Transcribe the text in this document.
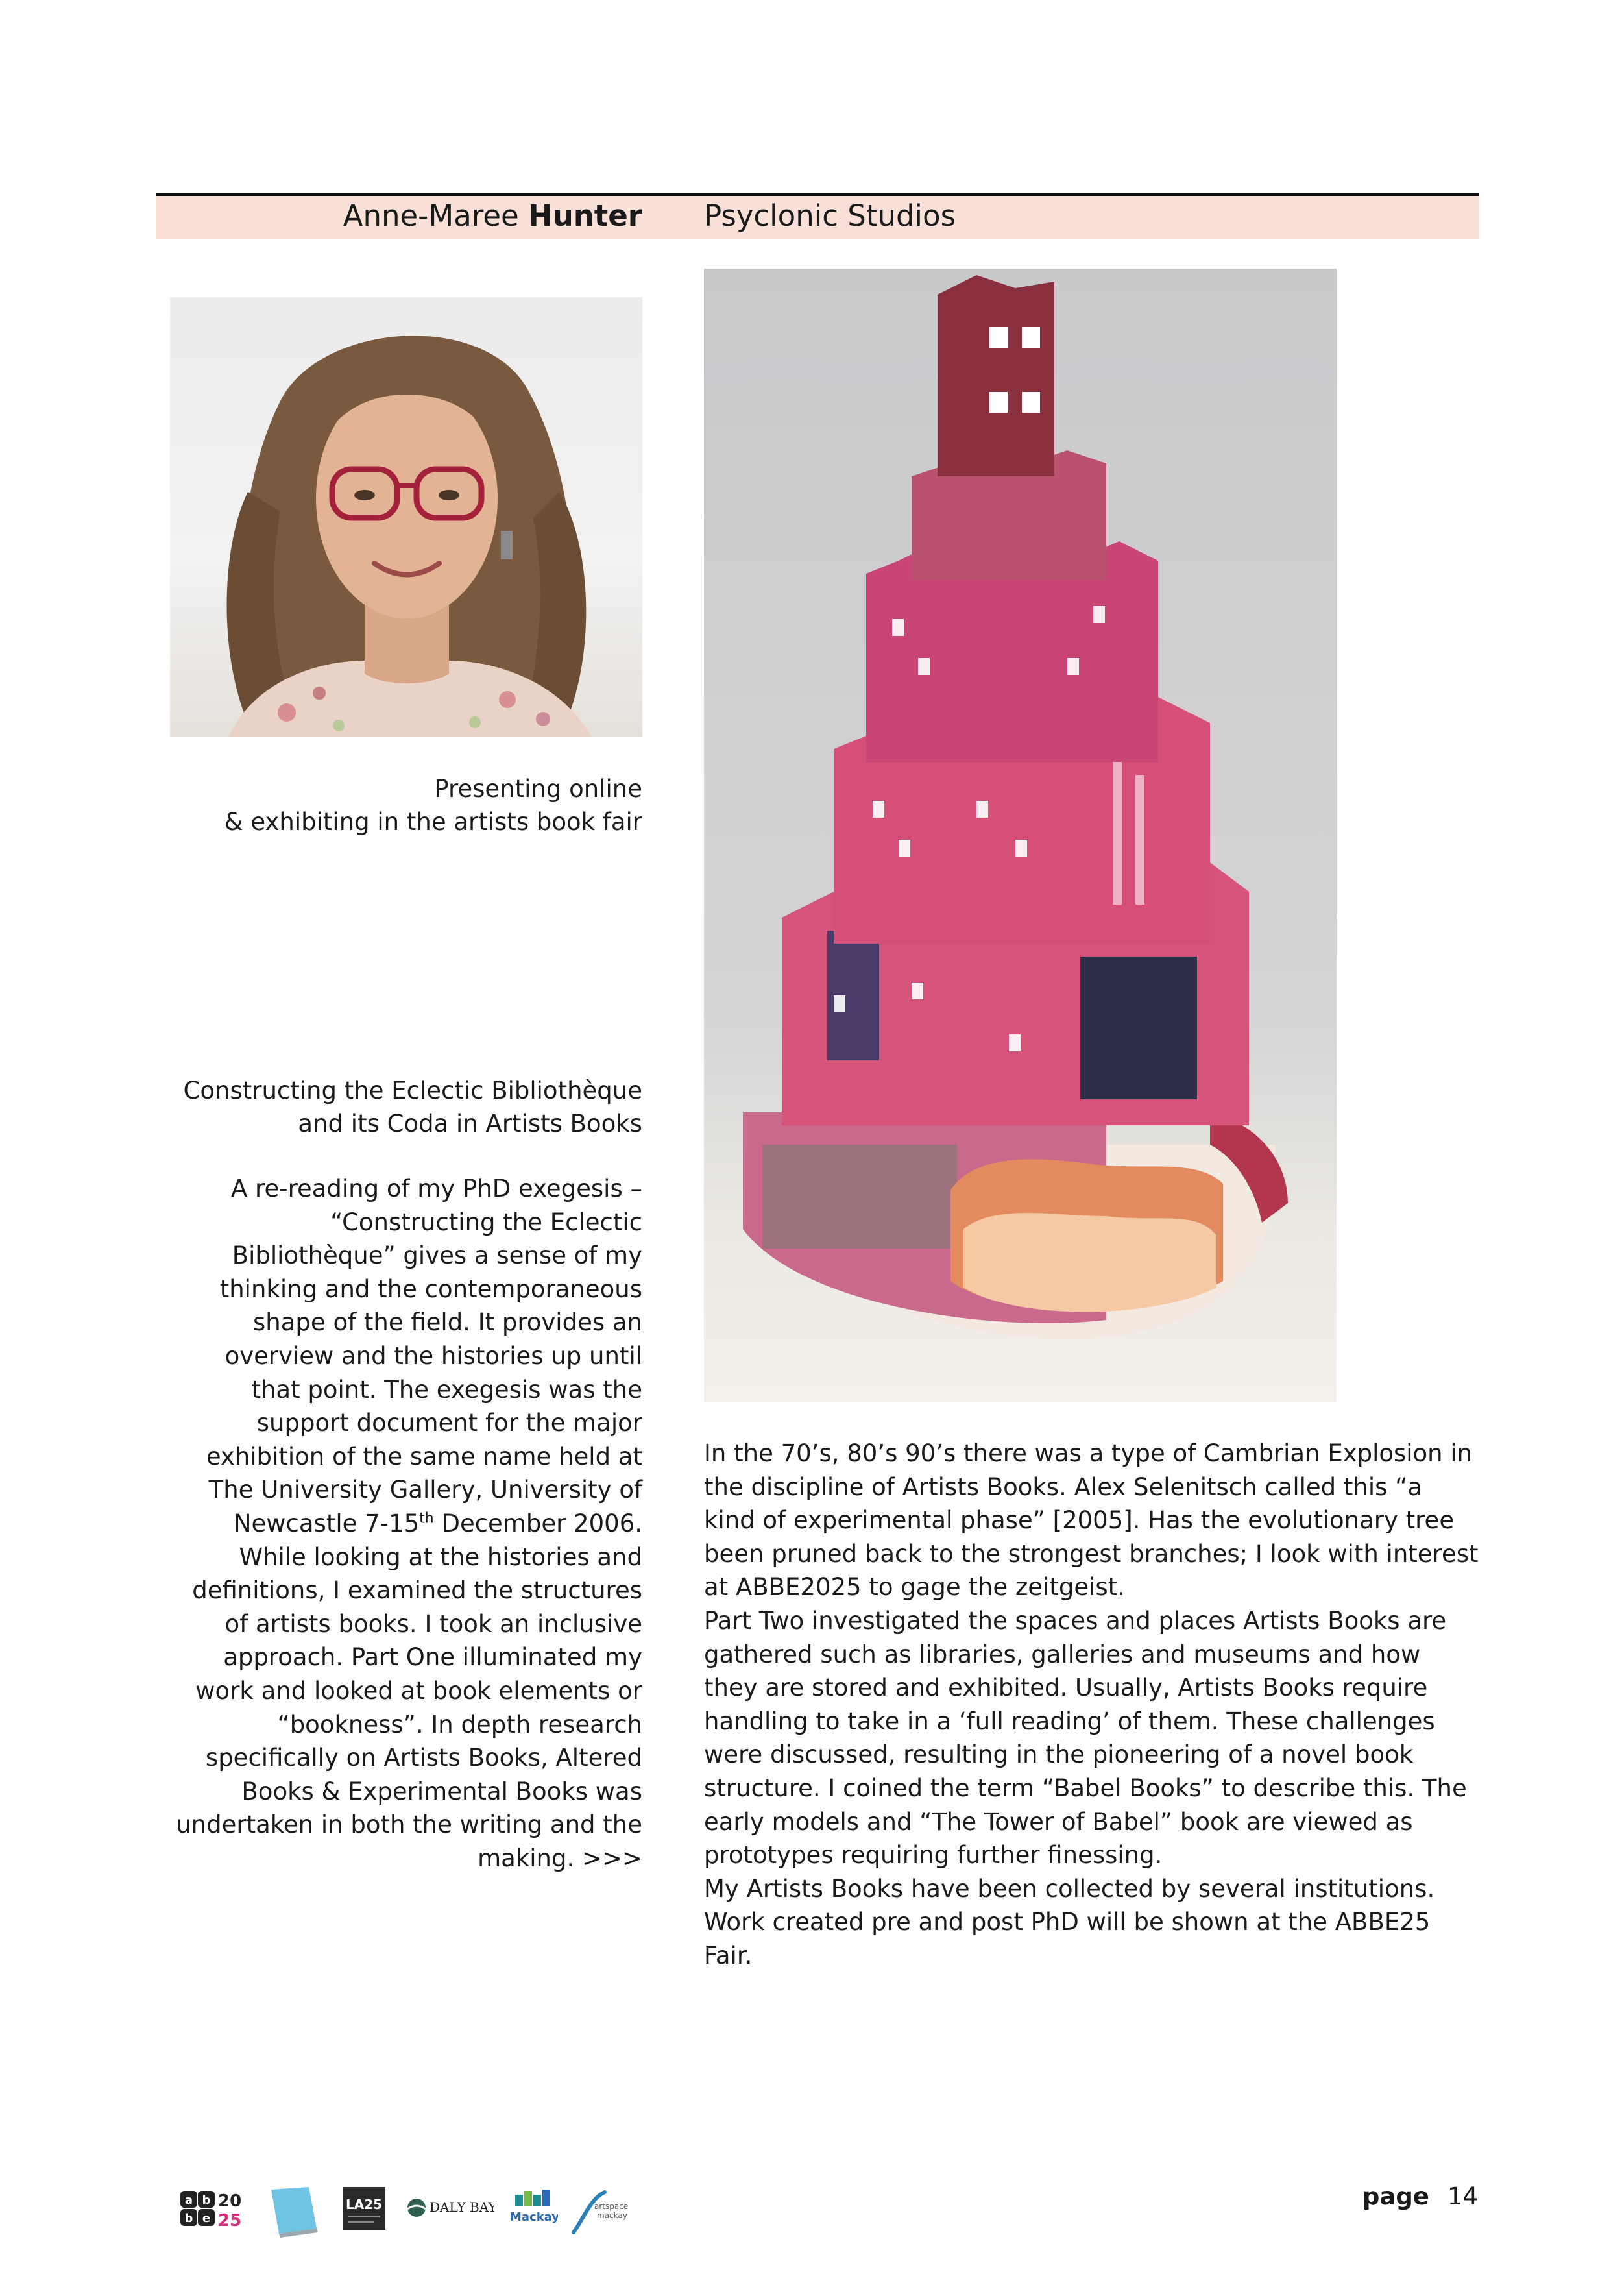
Anne-Maree Hunter Psyclonic Studios
Presenting online
& exhibiting in the artists book fair
Constructing the Eclectic Bibliothèque
and its Coda in Artists Books

A re-reading of my PhD exegesis – “Constructing the Eclectic Bibliothèque” gives a sense of my thinking and the contemporaneous shape of the field. It provides an overview and the histories up until that point. The exegesis was the support document for the major exhibition of the same name held at The University Gallery, University of Newcastle 7-15th December 2006.

While looking at the histories and definitions, I examined the structures of artists books. I took an inclusive approach. Part One illuminated my work and looked at book elements or “bookness”. In depth research specifically on Artists Books, Altered Books & Experimental Books was undertaken in both the writing and the making. >>>

In the 70’s, 80’s 90’s there was a type of Cambrian Explosion in the discipline of Artists Books. Alex Selenitsch called this “a kind of experimental phase” [2005]. Has the evolutionary tree been pruned back to the strongest branches; I look with interest at ABBE2025 to gage the zeitgeist.

Part Two investigated the spaces and places Artists Books are gathered such as libraries, galleries and museums and how they are stored and exhibited. Usually, Artists Books require handling to take in a ‘full reading’ of them. These challenges were discussed, resulting in the pioneering of a novel book structure. I coined the term “Babel Books” to describe this. The early models and “The Tower of Babel” book are viewed as prototypes requiring further finessing.

My Artists Books have been collected by several institutions. Work created pre and post PhD will be shown at the ABBE25 Fair.

a b
b e
20
25
LA25	DALY BAY
Mackay
artspace
mackay
page 14
